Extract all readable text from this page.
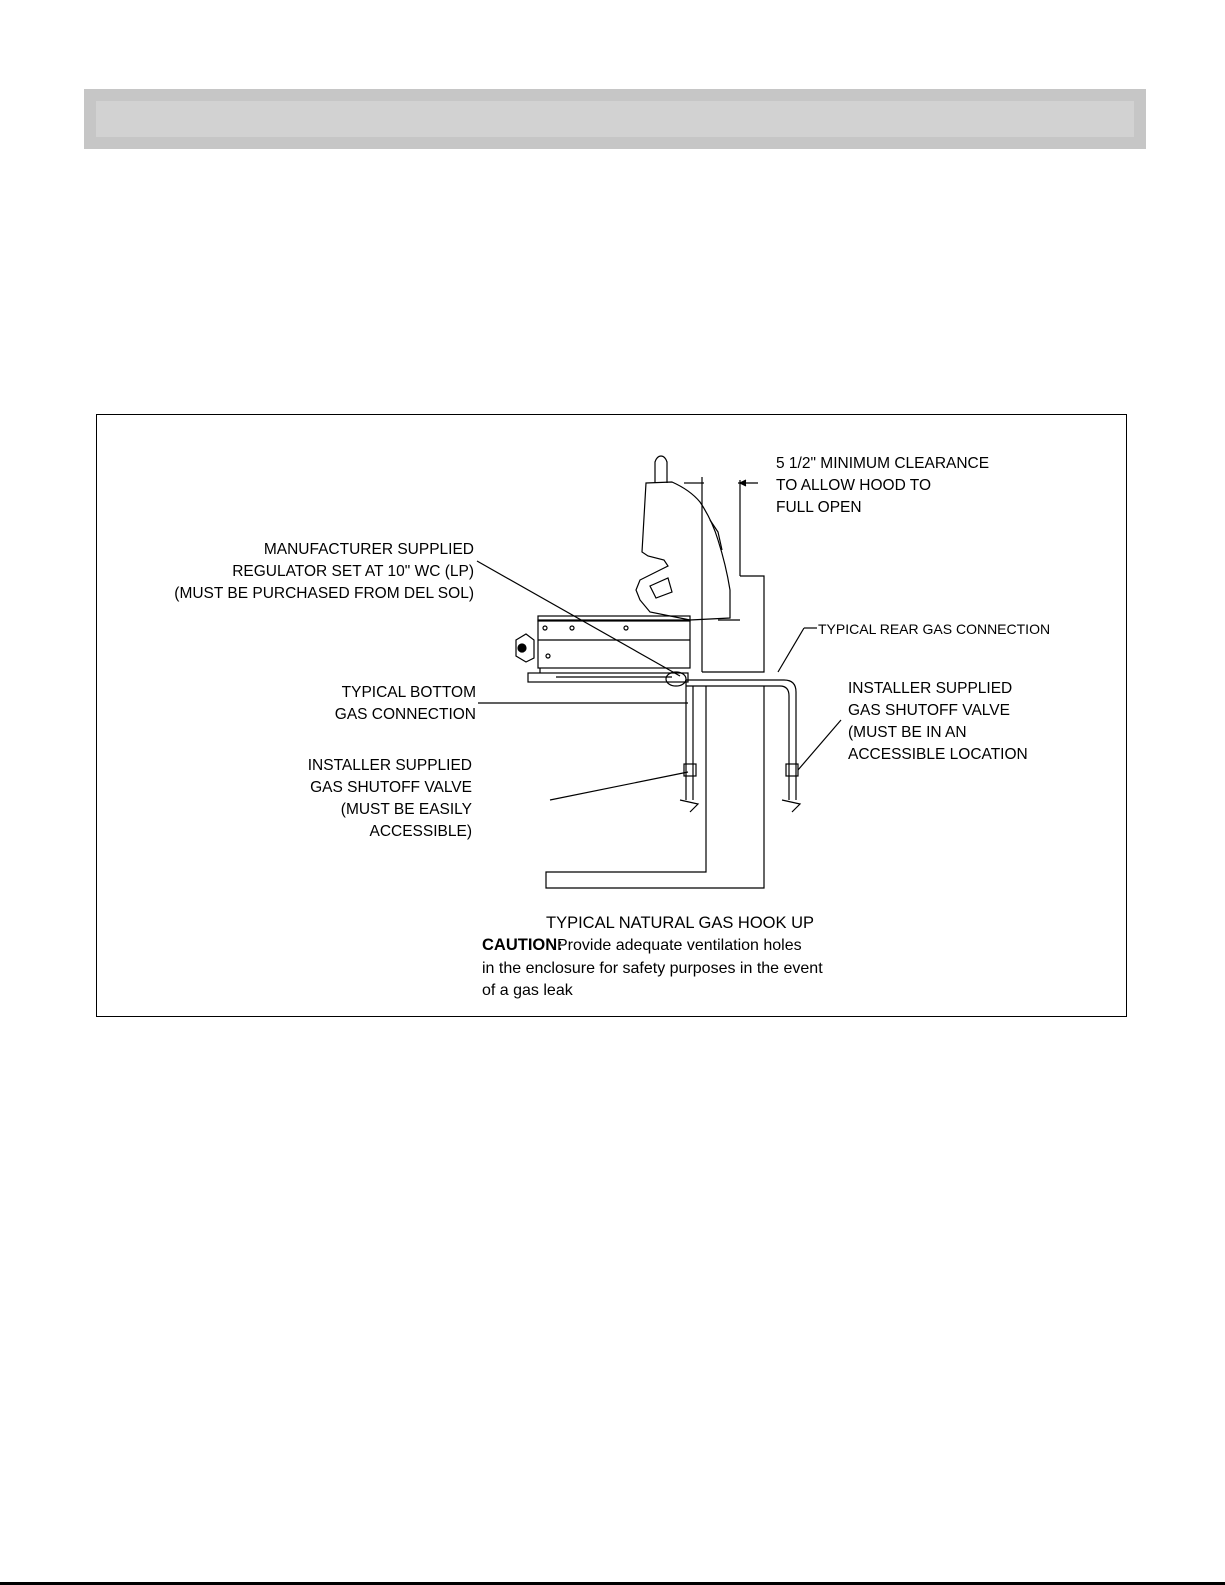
5 1/2" MINIMUM CLEARANCE
TO ALLOW HOOD TO
FULL OPEN
MANUFACTURER SUPPLIED
REGULATOR SET AT 10" WC (LP)
(MUST BE PURCHASED FROM DEL SOL)
TYPICAL REAR GAS CONNECTION
TYPICAL BOTTOM
GAS CONNECTION
INSTALLER SUPPLIED
GAS SHUTOFF VALVE
(MUST BE IN AN
ACCESSIBLE LOCATION
INSTALLER SUPPLIED
GAS SHUTOFF VALVE
(MUST BE EASILY
ACCESSIBLE)
TYPICAL NATURAL GAS HOOK UP
CAUTION:
Provide adequate ventilation holes
in the enclosure for safety purposes in the event
of a gas leak
